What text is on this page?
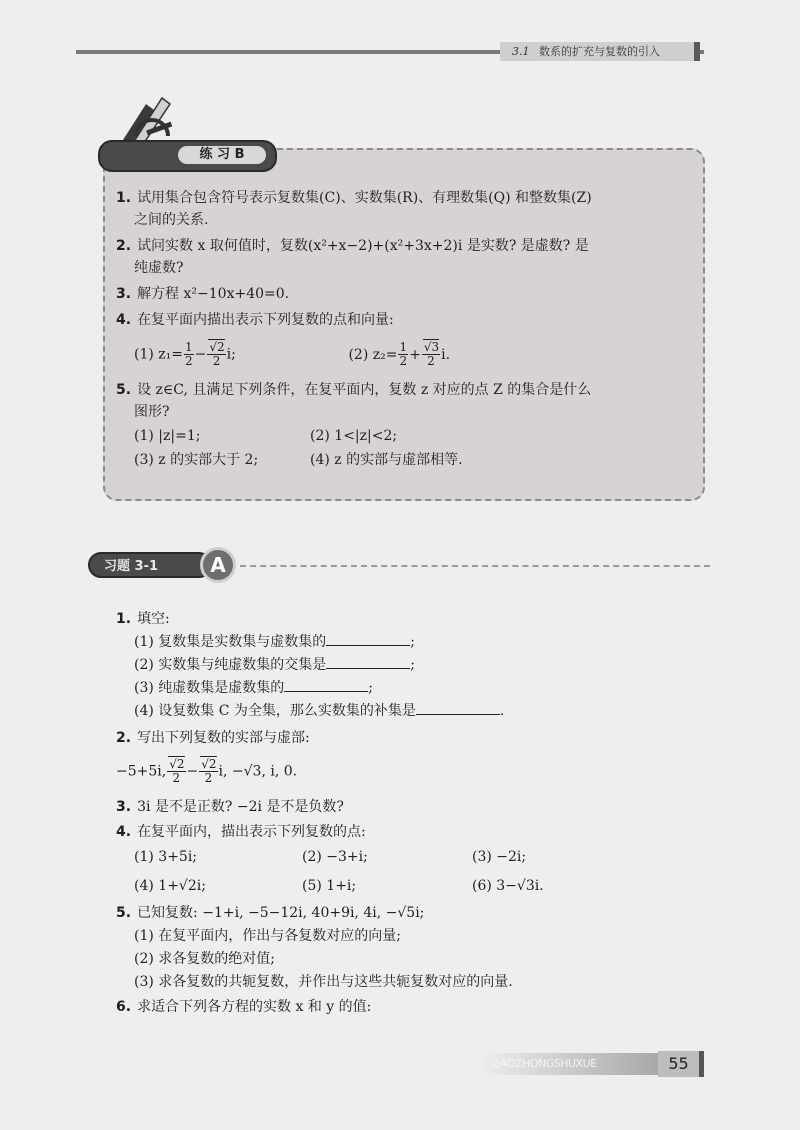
3.1 数系的扩充与复数的引入
练 习 B
1. 试用集合包含符号表示复数集(C)、实数集(R)、有理数集(Q) 和整数集(Z)
之间的关系.
2. 试问实数 x 取何值时，复数(x²+x−2)+(x²+3x+2)i 是实数? 是虚数? 是
纯虚数?
3. 解方程 x²−10x+40=0.
4. 在复平面内描出表示下列复数的点和向量:
(1) $z_1= \frac{1}{2}$ − √ $\frac{2}{2} i$;	(2) $z_2= \frac{1}{2}$ + √ $\frac{3}{2} i$.
5. 设 z∈C, 且满足下列条件，在复平面内，复数 z 对应的点 Z 的集合是什么
图形?
(1) |z|=1;	(2) 1<|z|<2;
(3) z 的实部大于 2;	(4) z 的实部与虚部相等.
习题 3-1	A
1. 填空:
(1) 复数集是实数集与虚数集的	;
(2) 实数集与纯虚数集的交集是	;
(3) 纯虚数集是虚数集的	;
(4) 设复数集 C 为全集，那么实数集的补集是	.
2. 写出下列复数的实部与虚部:
−5+5i, √ $\frac{2}{2}$ − √ $\frac{2}{2} i$, −√3, i, 0.
3. 3i 是不是正数? −2i 是不是负数?
4. 在复平面内，描出表示下列复数的点:
(1) 3+5i;	(2) −3+i;	(3) −2i;
(4) 1+√2i;	(5) 1+i;	(6) 3−√3i.
5. 已知复数: −1+i, −5−12i, 40+9i, 4i, −√5i;
(1) 在复平面内，作出与各复数对应的向量;
(2) 求各复数的绝对值;
(3) 求各复数的共轭复数，并作出与这些共轭复数对应的向量.
6. 求适合下列各方程的实数 x 和 y 的值:
GAOZHONGSHUXUE	55
